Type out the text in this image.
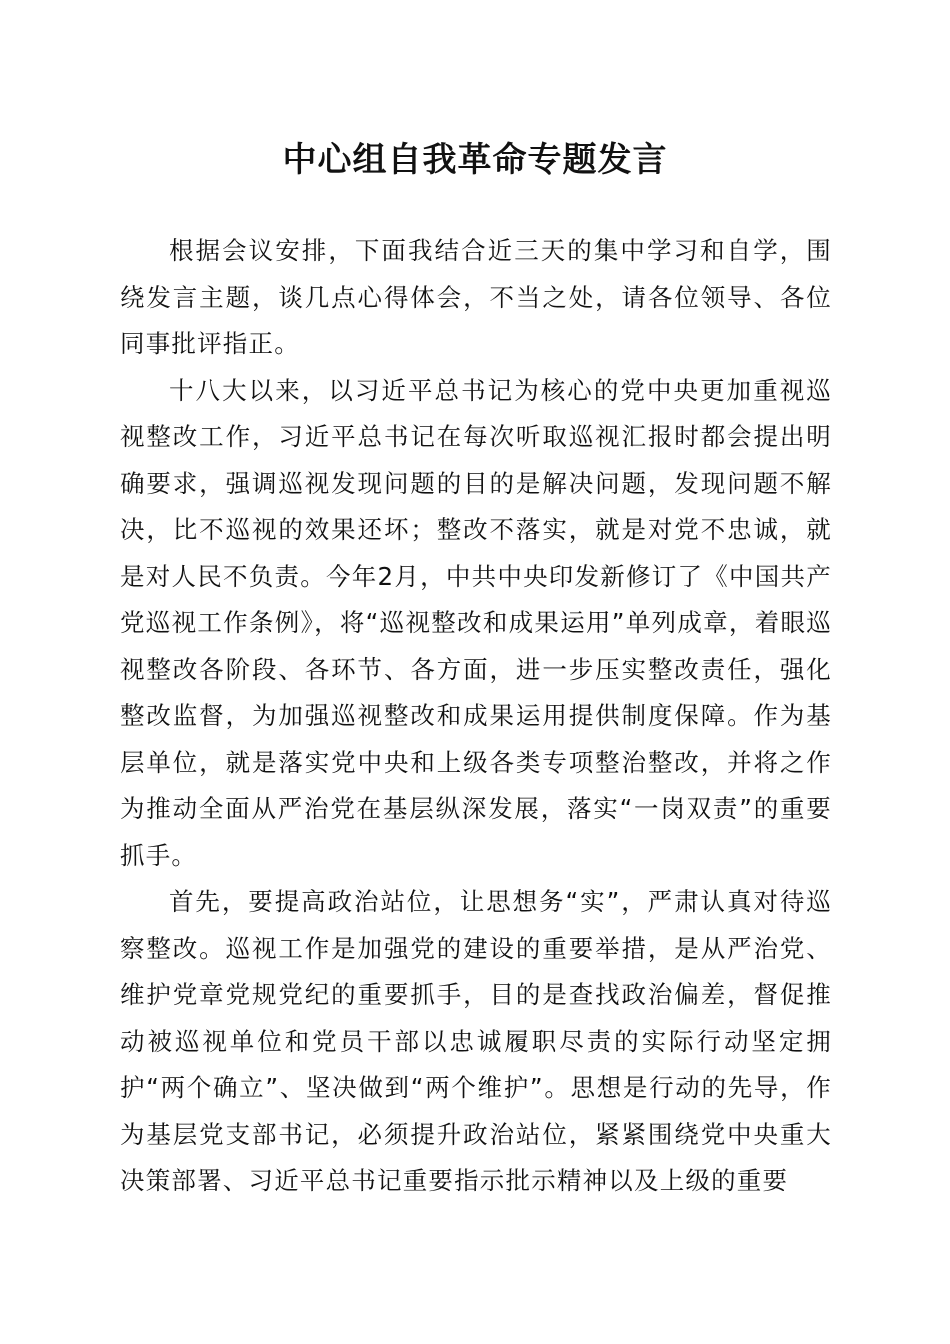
中心组自我革命专题发言

根据会议安排，下面我结合近三天的集中学习和自学，围绕发言主题，谈几点心得体会，不当之处，请各位领导、各位同事批评指正。

十八大以来，以习近平总书记为核心的党中央更加重视巡视整改工作，习近平总书记在每次听取巡视汇报时都会提出明确要求，强调巡视发现问题的目的是解决问题，发现问题不解决，比不巡视的效果还坏；整改不落实，就是对党不忠诚，就是对人民不负责。今年2月，中共中央印发新修订了《中国共产党巡视工作条例》，将“巡视整改和成果运用”单列成章，着眼巡视整改各阶段、各环节、各方面，进一步压实整改责任，强化整改监督，为加强巡视整改和成果运用提供制度保障。作为基层单位，就是落实党中央和上级各类专项整治整改，并将之作为推动全面从严治党在基层纵深发展，落实“一岗双责”的重要抓手。

首先，要提高政治站位，让思想务“实”，严肃认真对待巡察整改。巡视工作是加强党的建设的重要举措，是从严治党、维护党章党规党纪的重要抓手，目的是查找政治偏差，督促推动被巡视单位和党员干部以忠诚履职尽责的实际行动坚定拥护“两个确立”、坚决做到“两个维护”。思想是行动的先导，作为基层党支部书记，必须提升政治站位，紧紧围绕党中央重大决策部署、习近平总书记重要指示批示精神以及上级的重要
